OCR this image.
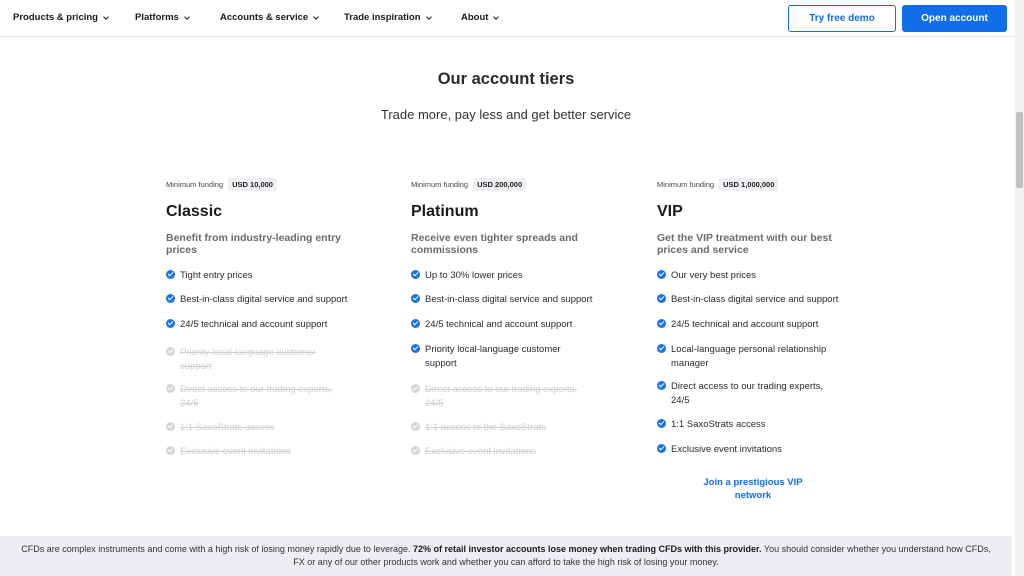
Products & pricing	Platforms	Accounts & service	Trade inspiration	About	Try free demo	Open account
Our account tiers
Trade more, pay less and get better service
Minimum funding	USD 10,000
Classic
Benefit from industry-leading entry prices
Tight entry prices
Best-in-class digital service and support
24/5 technical and account support
Priority local-language customer support
Direct access to our trading experts, 24/5
1:1 SaxoStrats access
Exclusive event invitations
Minimum funding	USD 200,000
Platinum
Receive even tighter spreads and commissions
Up to 30% lower prices
Best-in-class digital service and support
24/5 technical and account support
Priority local-language customer support
Direct access to our trading experts, 24/5
1:1 access to the SaxoStrats
Exclusive event invitations
Minimum funding	USD 1,000,000
VIP
Get the VIP treatment with our best prices and service
Our very best prices
Best-in-class digital service and support
24/5 technical and account support
Local-language personal relationship manager
Direct access to our trading experts, 24/5
1:1 SaxoStrats access
Exclusive event invitations
Join a prestigious VIP network
CFDs are complex instruments and come with a high risk of losing money rapidly due to leverage. 72% of retail investor accounts lose money when trading CFDs with this provider. You should consider whether you understand how CFDs, FX or any of our other products work and whether you can afford to take the high risk of losing your money.
